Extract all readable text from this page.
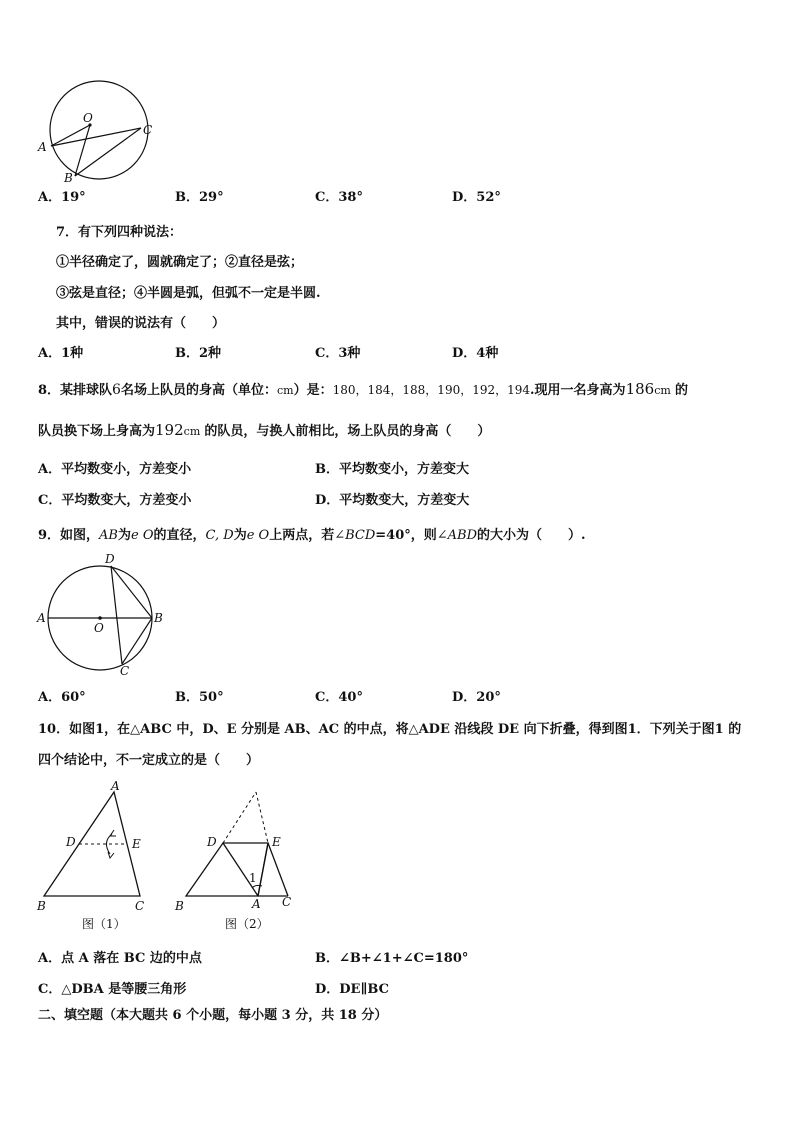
O
A
B
C
A．19°	B．29°	C．38°	D．52°
7．有下列四种说法：
①半径确定了，圆就确定了；②直径是弦；
③弦是直径；④半圆是弧，但弧不一定是半圆.
其中，错误的说法有（　　）
A．1种	B．2种	C．3种	D．4种
8．某排球队6名场上队员的身高（单位：cm）是：180，184，188，190，192，194.现用一名身高为186cm 的
队员换下场上身高为192cm 的队员，与换人前相比，场上队员的身高（　　）
A．平均数变小，方差变小	B．平均数变小，方差变大
C．平均数变大，方差变小	D．平均数变大，方差变大
9．如图，AB为e O的直径，C, D为e O上两点，若∠BCD=40°，则∠ABD的大小为（　　）.
D
A
O
B
C
A．60°	B．50°	C．40°	D．20°
10．如图1，在△ABC 中，D、E 分别是 AB、AC 的中点，将△ADE 沿线段 DE 向下折叠，得到图1．下列关于图1 的
四个结论中，不一定成立的是（　　）
A
D	E
B	C
图（1）
D	E
1
B	A C
图（2）
A．点 A 落在 BC 边的中点	B．∠B+∠1+∠C=180°
C．△DBA 是等腰三角形	D．DE∥BC
二、填空题（本大题共 6 个小题，每小题 3 分，共 18 分）
